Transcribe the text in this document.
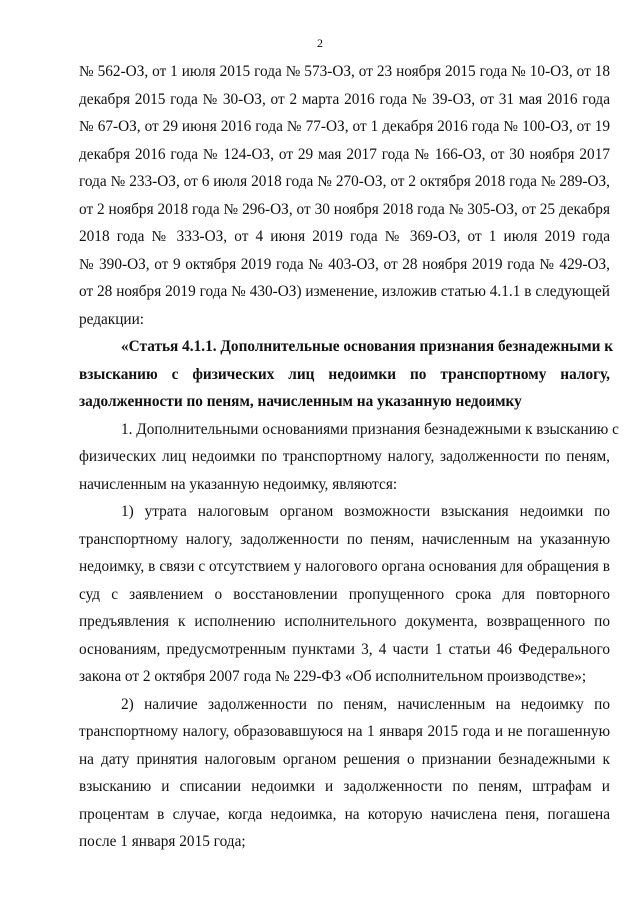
2
№ 562-ОЗ, от 1 июля 2015 года № 573-ОЗ, от 23 ноября 2015 года № 10-ОЗ, от 18
декабря 2015 года № 30-ОЗ, от 2 марта 2016 года № 39-ОЗ, от 31 мая 2016 года
№ 67-ОЗ, от 29 июня 2016 года № 77-ОЗ, от 1 декабря 2016 года № 100-ОЗ, от 19
декабря 2016 года № 124-ОЗ, от 29 мая 2017 года № 166-ОЗ, от 30 ноября 2017
года № 233-ОЗ, от 6 июля 2018 года № 270-ОЗ, от 2 октября 2018 года № 289-ОЗ,
от 2 ноября 2018 года № 296-ОЗ, от 30 ноября 2018 года № 305-ОЗ, от 25 декабря
2018 года № 333-ОЗ, от 4 июня 2019 года № 369-ОЗ, от 1 июля 2019 года
№ 390-ОЗ, от 9 октября 2019 года № 403-ОЗ, от 28 ноября 2019 года № 429-ОЗ,
от 28 ноября 2019 года № 430-ОЗ) изменение, изложив статью 4.1.1 в следующей
редакции:
«Статья 4.1.1. Дополнительные основания признания безнадежными к
взысканию с физических лиц недоимки по транспортному налогу,
задолженности по пеням, начисленным на указанную недоимку
1. Дополнительными основаниями признания безнадежными к взысканию с
физических лиц недоимки по транспортному налогу, задолженности по пеням,
начисленным на указанную недоимку, являются:
1) утрата налоговым органом возможности взыскания недоимки по
транспортному налогу, задолженности по пеням, начисленным на указанную
недоимку, в связи с отсутствием у налогового органа основания для обращения в
суд с заявлением о восстановлении пропущенного срока для повторного
предъявления к исполнению исполнительного документа, возвращенного по
основаниям, предусмотренным пунктами 3, 4 части 1 статьи 46 Федерального
закона от 2 октября 2007 года № 229-ФЗ «Об исполнительном производстве»;
2) наличие задолженности по пеням, начисленным на недоимку по
транспортному налогу, образовавшуюся на 1 января 2015 года и не погашенную
на дату принятия налоговым органом решения о признании безнадежными к
взысканию и списании недоимки и задолженности по пеням, штрафам и
процентам в случае, когда недоимка, на которую начислена пеня, погашена
после 1 января 2015 года;
